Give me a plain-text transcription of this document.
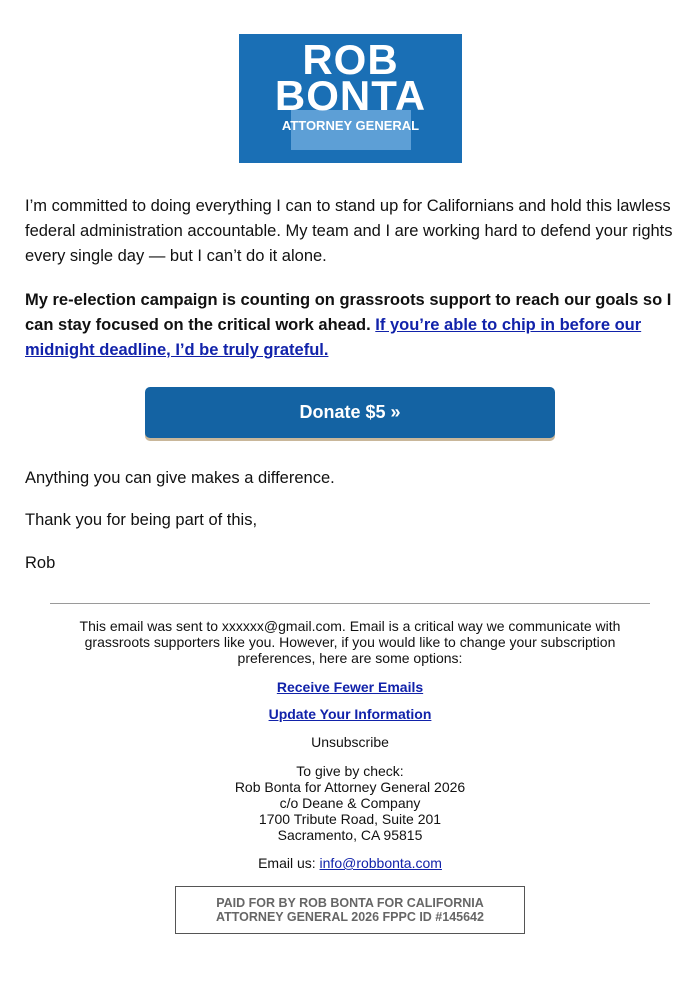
ROB
BONTA
ATTORNEY GENERAL

I’m committed to doing everything I can to stand up for Californians and hold this lawless federal administration accountable. My team and I are working hard to defend your rights every single day — but I can’t do it alone.

My re-election campaign is counting on grassroots support to reach our goals so I can stay focused on the critical work ahead. If you’re able to chip in before our midnight deadline, I’d be truly grateful.

Donate $5 »

Anything you can give makes a difference.

Thank you for being part of this,

Rob

This email was sent to xxxxxx@gmail.com. Email is a critical way we communicate with grassroots supporters like you. However, if you would like to change your subscription preferences, here are some options:

Receive Fewer Emails

Update Your Information

Unsubscribe

To give by check:
Rob Bonta for Attorney General 2026
c/o Deane & Company
1700 Tribute Road, Suite 201
Sacramento, CA 95815

Email us: info@robbonta.com

PAID FOR BY ROB BONTA FOR CALIFORNIA
ATTORNEY GENERAL 2026 FPPC ID #145642
